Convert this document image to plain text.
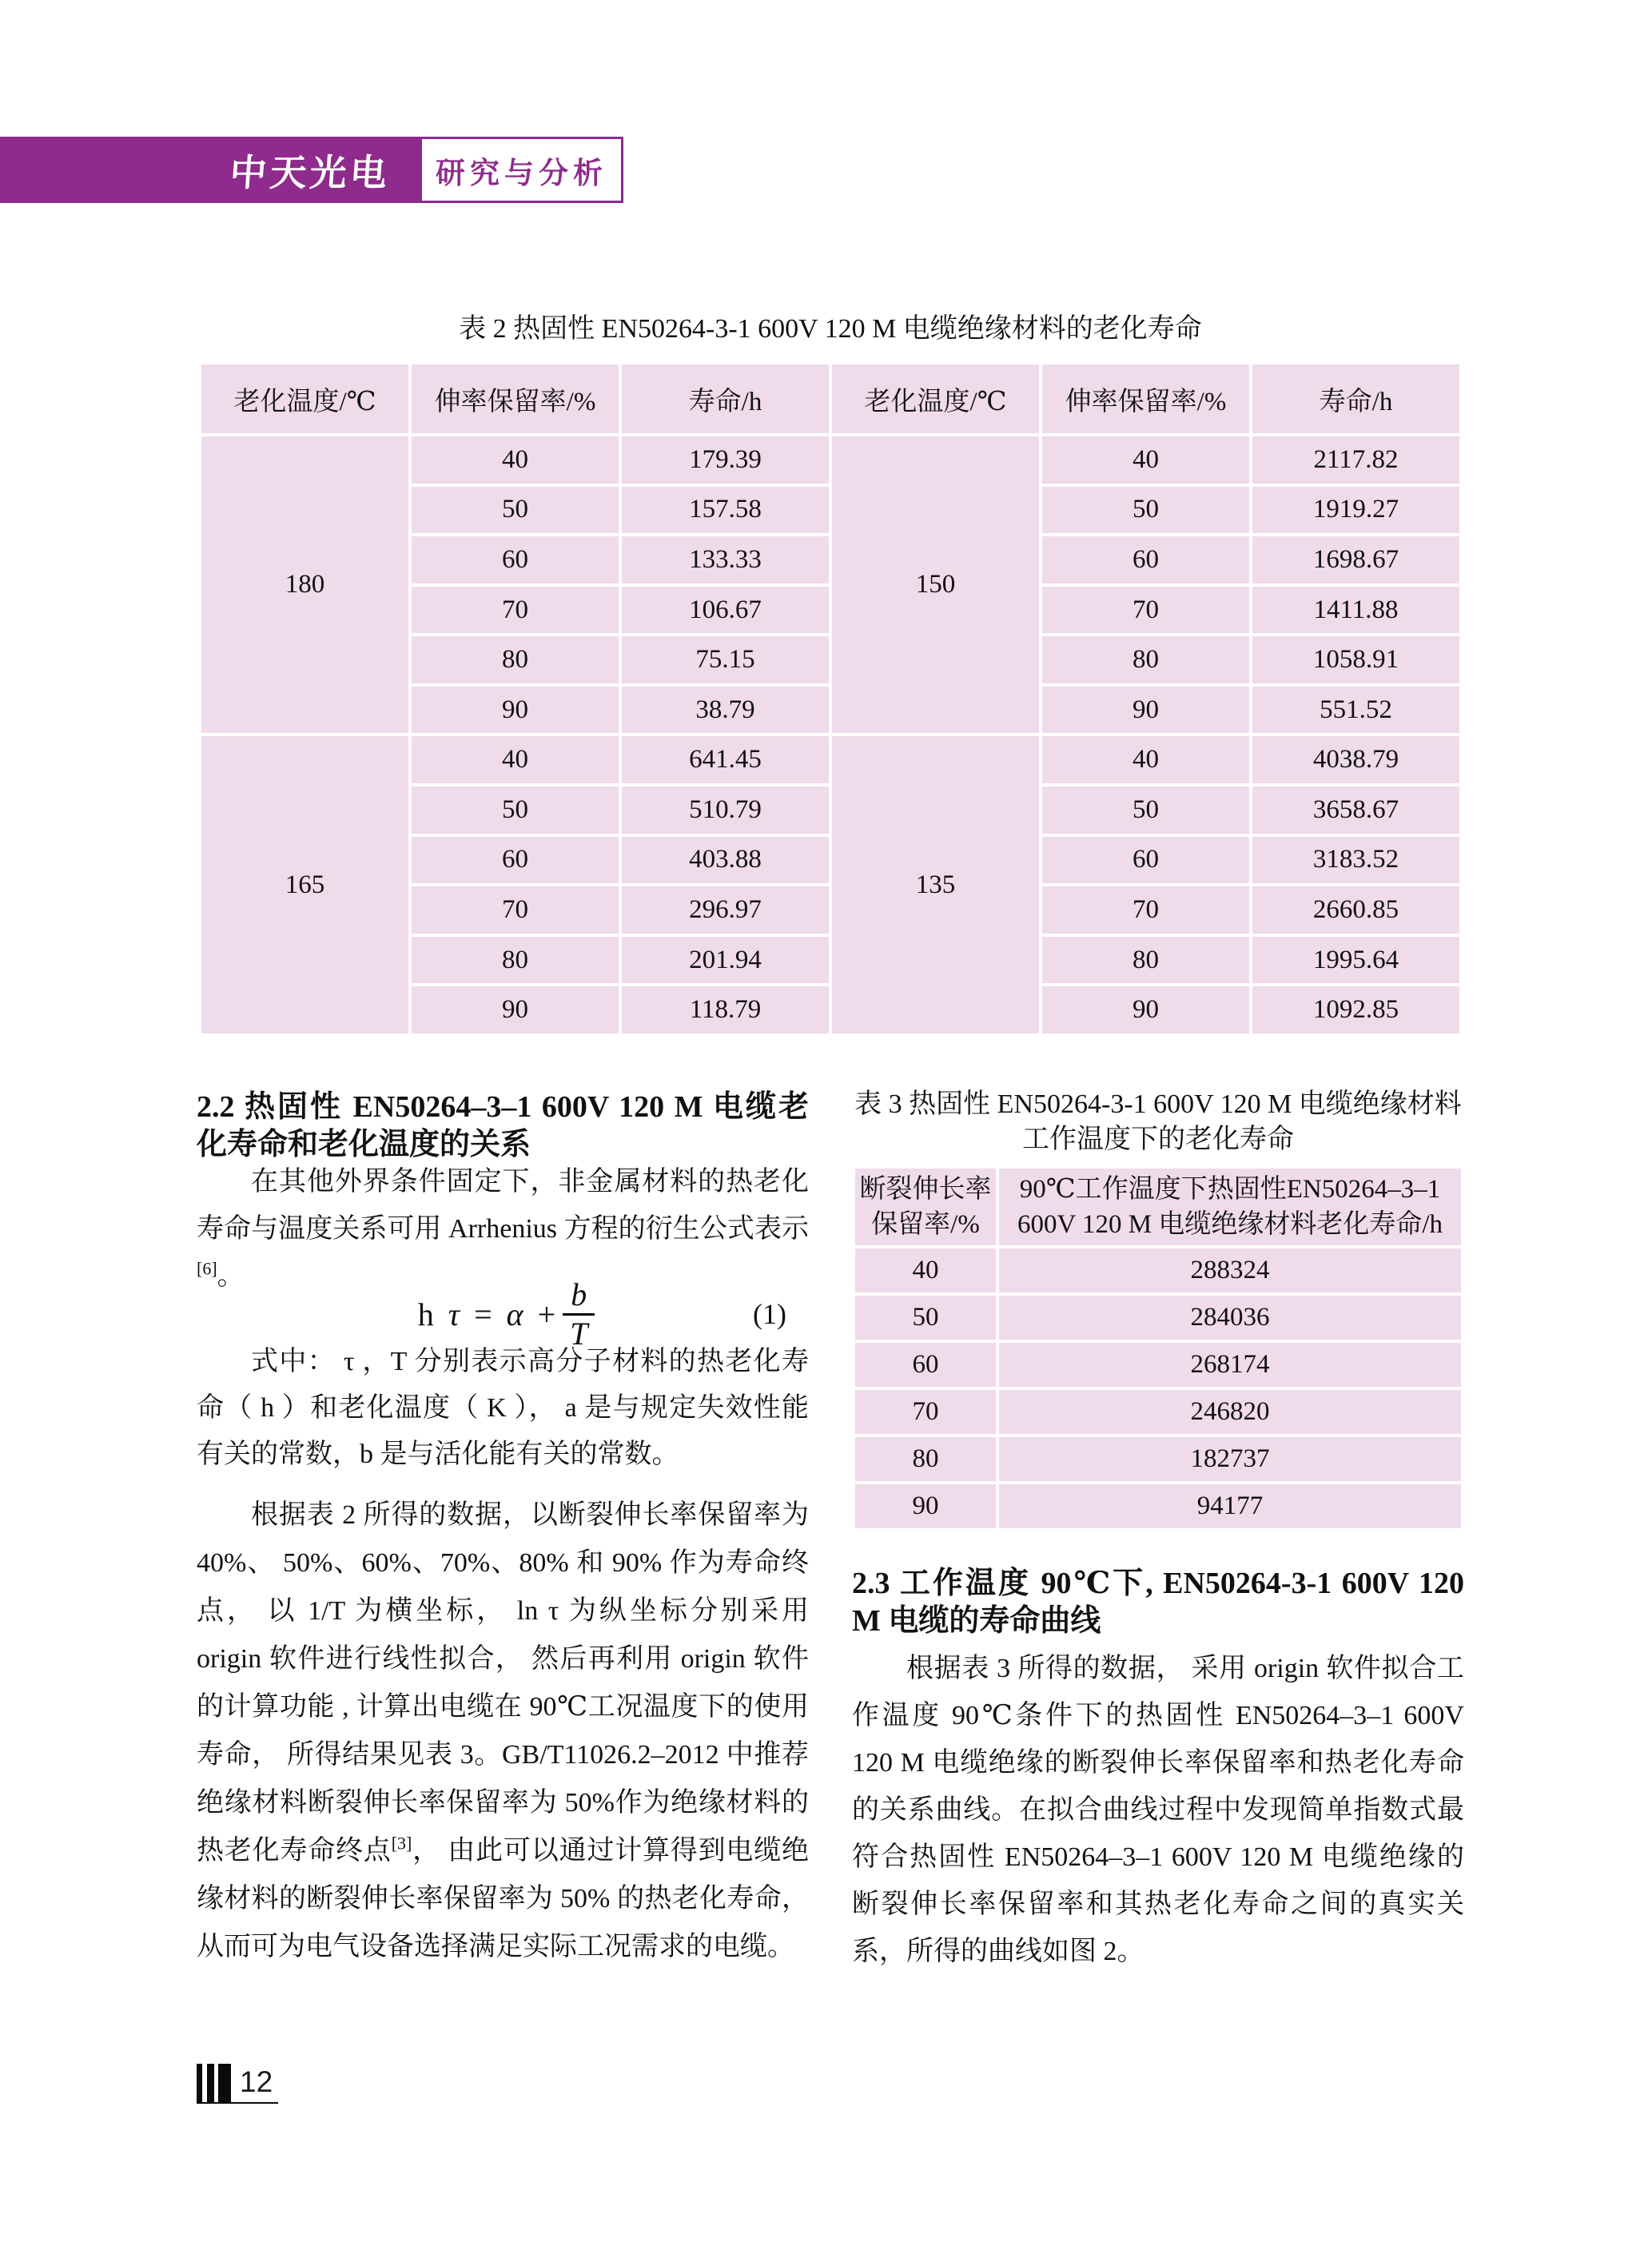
中天光电 研究与分析
表 2 热固性 EN50264-3-1 600V 120 M 电缆绝缘材料的老化寿命
老化温度/℃	伸率保留率/%	寿命/h	老化温度/℃	伸率保留率/%	寿命/h
180	40	179.39	150	40	2117.82
	50	157.58		50	1919.27
	60	133.33		60	1698.67
	70	106.67		70	1411.88
	80	75.15		80	1058.91
	90	38.79		90	551.52
165	40	641.45	135	40	4038.79
	50	510.79		50	3658.67
	60	403.88		60	3183.52
	70	296.97		70	2660.85
	80	201.94		80	1995.64
	90	118.79		90	1092.85
2.2 热固性 EN50264–3–1 600V 120 M 电缆老化寿命和老化温度的关系

在其他外界条件固定下，非金属材料的热老化寿命与温度关系可用 Arrhenius 方程的衍生公式表示[6]。

h $\tau = \alpha + \frac{b}{T}$	(1)

式中： τ ，T 分别表示高分子材料的热老化寿命（ h ）和老化温度（ K ）， a 是与规定失效性能有关的常数，b 是与活化能有关的常数。

根据表 2 所得的数据，以断裂伸长率保留率为 40%、 50%、60%、70%、80% 和 90% 作为寿命终点， 以 1/T 为横坐标， ln τ 为纵坐标分别采用 origin 软件进行线性拟合， 然后再利用 origin 软件的计算功能 , 计算出电缆在 90℃工况温度下的使用寿命， 所得结果见表 3。GB/T11026.2–2012 中推荐绝缘材料断裂伸长率保留率为 50%作为绝缘材料的热老化寿命终点[3]， 由此可以通过计算得到电缆绝缘材料的断裂伸长率保留率为 50% 的热老化寿命， 从而可为电气设备选择满足实际工况需求的电缆。

表 3 热固性 EN50264-3-1 600V 120 M 电缆绝缘材料工作温度下的老化寿命
断裂伸长率保留率/%	90℃工作温度下热固性EN50264–3–1 600V 120 M 电缆绝缘材料老化寿命/h
40	288324
50	284036
60	268174
70	246820
80	182737
90	94177
2.3 工作温度 90℃下, EN50264-3-1 600V 120 M 电缆的寿命曲线

根据表 3 所得的数据， 采用 origin 软件拟合工作温度 90℃条件下的热固性 EN50264–3–1 600V 120 M 电缆绝缘的断裂伸长率保留率和热老化寿命的关系曲线。在拟合曲线过程中发现简单指数式最符合热固性 EN50264–3–1 600V 120 M 电缆绝缘的断裂伸长率保留率和其热老化寿命之间的真实关系，所得的曲线如图 2。

12
